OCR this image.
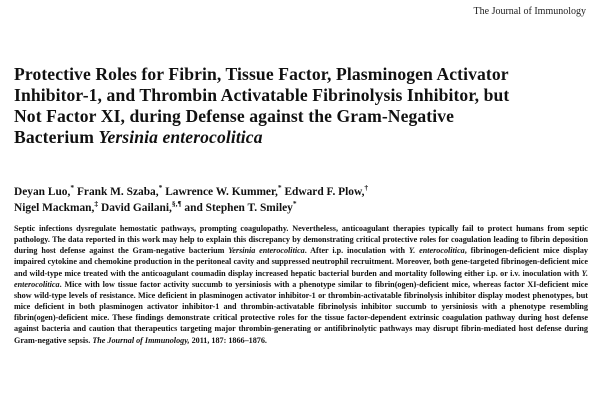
The Journal of Immunology
Protective Roles for Fibrin, Tissue Factor, Plasminogen Activator Inhibitor-1, and Thrombin Activatable Fibrinolysis Inhibitor, but Not Factor XI, during Defense against the Gram-Negative Bacterium Yersinia enterocolitica
Deyan Luo,* Frank M. Szaba,* Lawrence W. Kummer,* Edward F. Plow,†
Nigel Mackman,‡ David Gailani,§,¶ and Stephen T. Smiley*
Septic infections dysregulate hemostatic pathways, prompting coagulopathy. Nevertheless, anticoagulant therapies typically fail to protect humans from septic pathology. The data reported in this work may help to explain this discrepancy by demonstrating critical protective roles for coagulation leading to fibrin deposition during host defense against the Gram-negative bacterium Yersinia enterocolitica. After i.p. inoculation with Y. enterocolitica, fibrinogen-deficient mice display impaired cytokine and chemokine production in the peritoneal cavity and suppressed neutrophil recruitment. Moreover, both gene-targeted fibrinogen-deficient mice and wild-type mice treated with the anticoagulant coumadin display increased hepatic bacterial burden and mortality following either i.p. or i.v. inoculation with Y. enterocolitica. Mice with low tissue factor activity succumb to yersiniosis with a phenotype similar to fibrin(ogen)-deficient mice, whereas factor XI-deficient mice show wild-type levels of resistance. Mice deficient in plasminogen activator inhibitor-1 or thrombin-activatable fibrinolysis inhibitor display modest phenotypes, but mice deficient in both plasminogen activator inhibitor-1 and thrombin-activatable fibrinolysis inhibitor succumb to yersiniosis with a phenotype resembling fibrin(ogen)-deficient mice. These findings demonstrate critical protective roles for the tissue factor-dependent extrinsic coagulation pathway during host defense against bacteria and caution that therapeutics targeting major thrombin-generating or antifibrinolytic pathways may disrupt fibrin-mediated host defense during Gram-negative sepsis. The Journal of Immunology, 2011, 187: 1866–1876.
